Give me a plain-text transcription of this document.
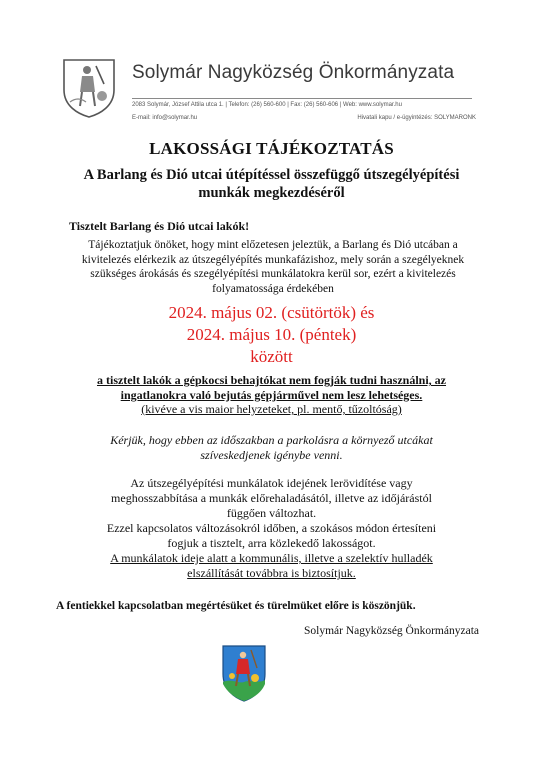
Solymár Nagyközség Önkormányzata
2083 Solymár, József Attila utca 1. | Telefon: (26) 560-600 | Fax: (26) 560-606 | Web: www.solymar.hu
E-mail: info@solymar.hu	Hivatali kapu / e-ügyintézés: SOLYMARONK
LAKOSSÁGI TÁJÉKOZTATÁS
A Barlang és Dió utcai útépítéssel összefüggő útszegélyépítési
munkák megkezdéséről
Tisztelt Barlang és Dió utcai lakók!
Tájékoztatjuk önöket, hogy mint előzetesen jeleztük, a Barlang és Dió utcában a
kivitelezés elérkezik az útszegélyépítés munkafázishoz, mely során a szegélyeknek
szükséges árokásás és szegélyépítési munkálatokra kerül sor, ezért a kivitelezés
folyamatossága érdekében
2024. május 02. (csütörtök) és
2024. május 10. (péntek)
között
a tisztelt lakók a gépkocsi behajtókat nem fogják tudni használni, az
ingatlanokra való bejutás gépjárművel nem lesz lehetséges.
(kivéve a vis maior helyzeteket, pl. mentő, tűzoltóság)
Kérjük, hogy ebben az időszakban a parkolásra a környező utcákat
szíveskedjenek igénybe venni.
Az útszegélyépítési munkálatok idejének lerövidítése vagy
meghosszabbítása a munkák előrehaladásától, illetve az időjárástól
függően változhat.
Ezzel kapcsolatos változásokról időben, a szokásos módon értesíteni
fogjuk a tisztelt, arra közlekedő lakosságot.
A munkálatok ideje alatt a kommunális, illetve a szelektív hulladék
elszállítását továbbra is biztosítjuk.
A fentiekkel kapcsolatban megértésüket és türelmüket előre is köszönjük.
Solymár Nagyközség Önkormányzata
